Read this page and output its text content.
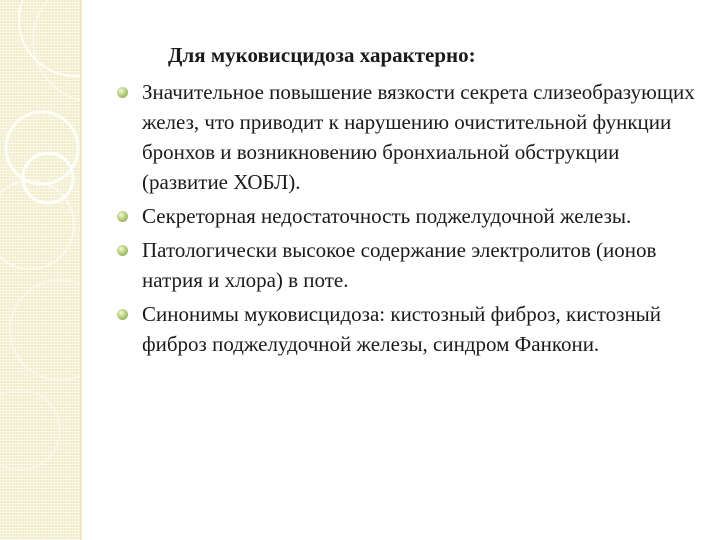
Для муковисцидоза характерно:
Значительное повышение вязкости секрета слизеобразующих желез, что приводит к нарушению очистительной функции бронхов и возникновению бронхиальной обструкции (развитие ХОБЛ).
Секреторная недостаточность поджелудочной железы.
Патологически высокое содержание электролитов (ионов натрия и хлора) в поте.
Синонимы муковисцидоза: кистозный фиброз, кистозный фиброз поджелудочной железы, синдром Фанкони.
